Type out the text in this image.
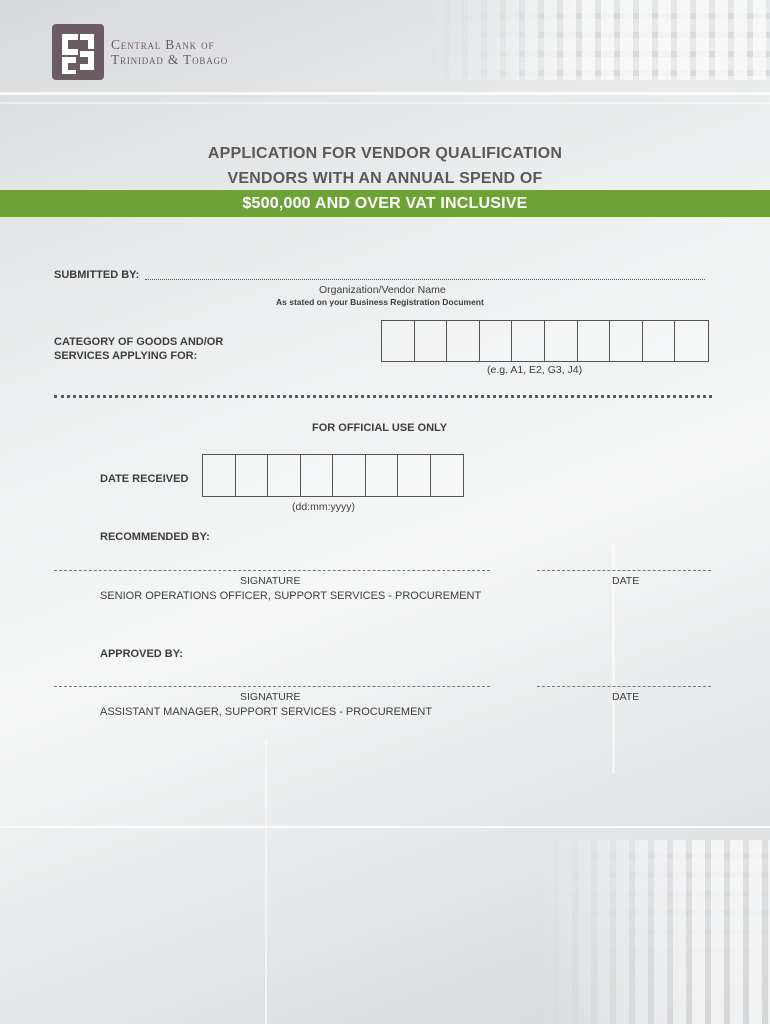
Central Bank of
Trinidad & Tobago
APPLICATION FOR VENDOR QUALIFICATION
VENDORS WITH AN ANNUAL SPEND OF
$500,000 AND OVER VAT INCLUSIVE
SUBMITTED BY:
Organization/Vendor Name
As stated on your Business Registration Document
CATEGORY OF GOODS AND/OR
SERVICES APPLYING FOR:
(e.g. A1, E2, G3, J4)
FOR OFFICIAL USE ONLY
DATE RECEIVED
(dd:mm:yyyy)
RECOMMENDED BY:
SIGNATURE	DATE
SENIOR OPERATIONS OFFICER, SUPPORT SERVICES - PROCUREMENT
APPROVED BY:
SIGNATURE	DATE
ASSISTANT MANAGER, SUPPORT SERVICES - PROCUREMENT
